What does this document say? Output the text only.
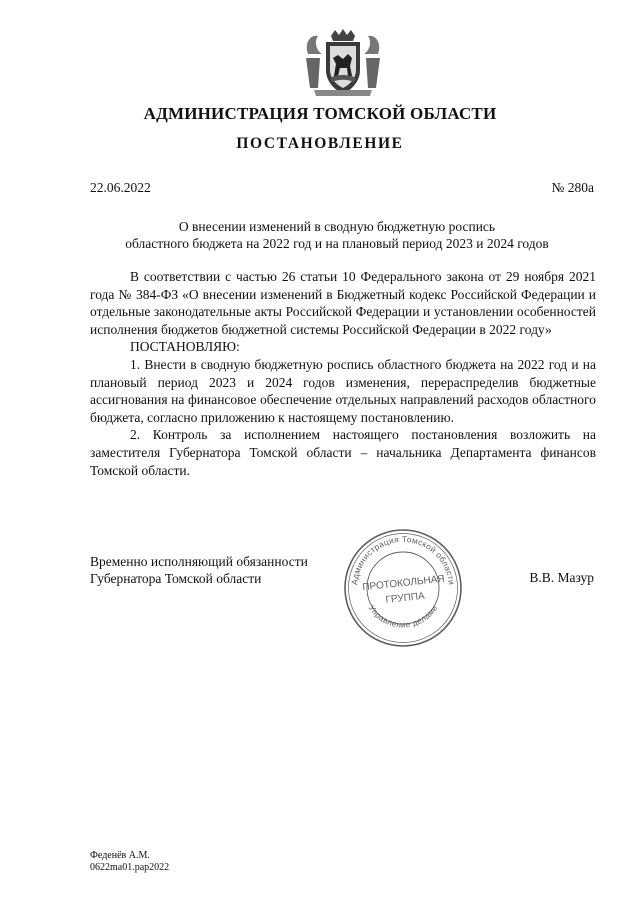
АДМИНИСТРАЦИЯ ТОМСКОЙ ОБЛАСТИ
ПОСТАНОВЛЕНИЕ
22.06.2022	№ 280а
О внесении изменений в сводную бюджетную роспись
областного бюджета на 2022 год и на плановый период 2023 и 2024 годов

В соответствии с частью 26 статьи 10 Федерального закона от 29 ноября 2021 года № 384-ФЗ «О внесении изменений в Бюджетный кодекс Российской Федерации и отдельные законодательные акты Российской Федерации и установлении особенностей исполнения бюджетов бюджетной системы Российской Федерации в 2022 году»

ПОСТАНОВЛЯЮ:

1. Внести в сводную бюджетную роспись областного бюджета на 2022 год и на плановый период 2023 и 2024 годов изменения, перераспределив бюджетные ассигнования на финансовое обеспечение отдельных направлений расходов областного бюджета, согласно приложению к настоящему постановлению.

2. Контроль за исполнением настоящего постановления возложить на заместителя Губернатора Томской области – начальника Департамента финансов Томской области.

Временно исполняющий обязанности
Губернатора Томской области	Администрация Томской области
Управление делами
ПРОТОКОЛЬНАЯ
ГРУППА
В.В. Мазур
Феденёв А.М.
0622ma01.рар2022
